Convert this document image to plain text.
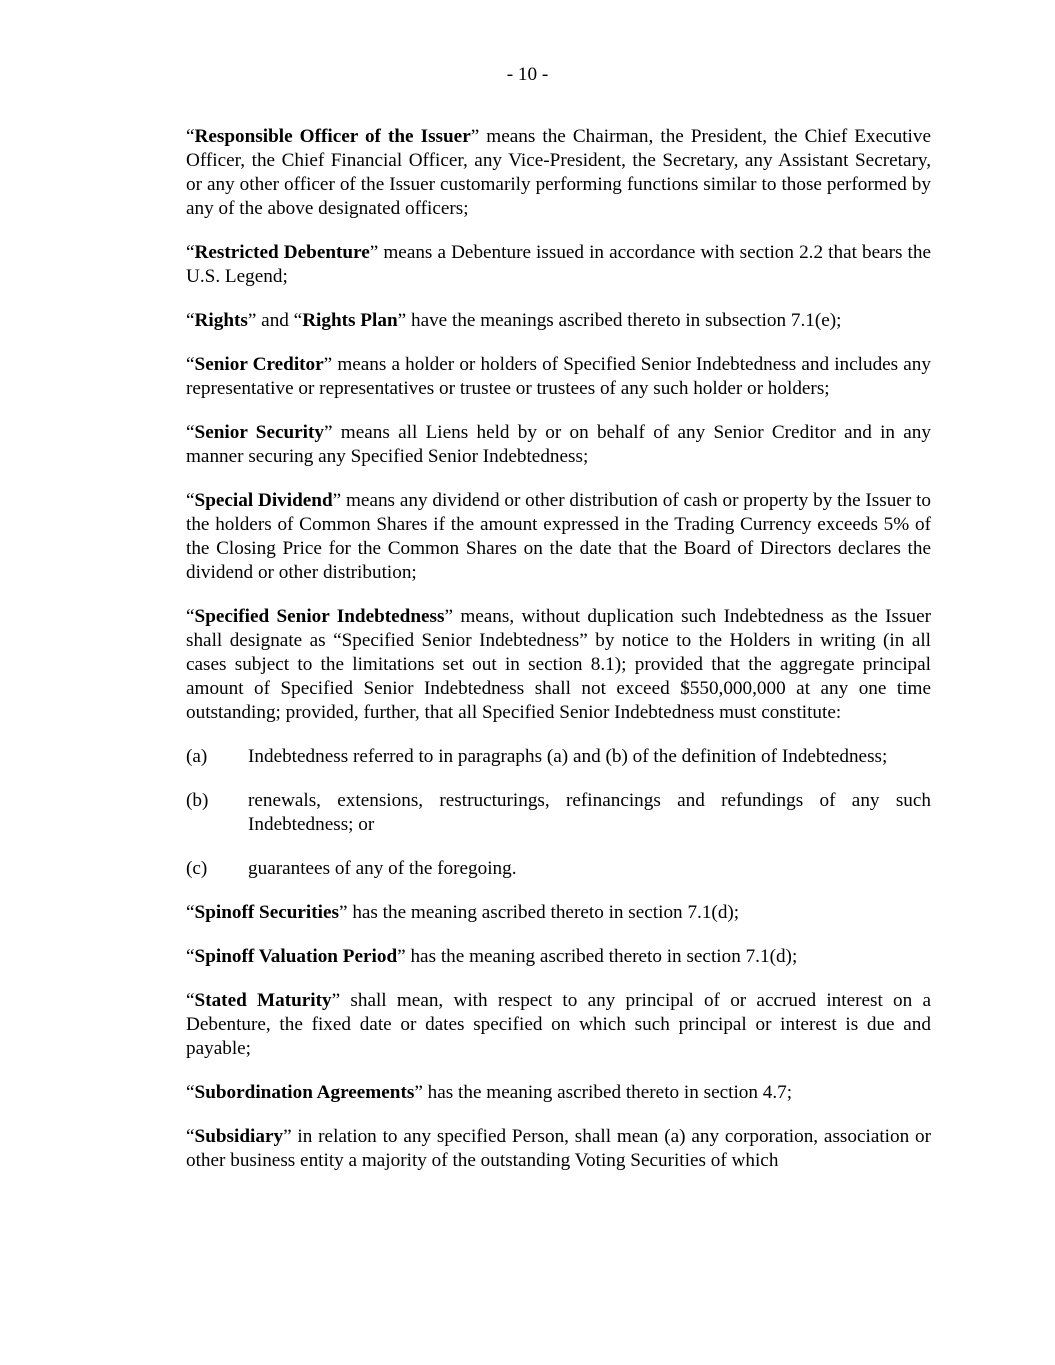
- 10 -

“Responsible Officer of the Issuer” means the Chairman, the President, the Chief Executive Officer, the Chief Financial Officer, any Vice-President, the Secretary, any Assistant Secretary, or any other officer of the Issuer customarily performing functions similar to those performed by any of the above designated officers;

“Restricted Debenture” means a Debenture issued in accordance with section 2.2 that bears the U.S. Legend;

“Rights” and “Rights Plan” have the meanings ascribed thereto in subsection 7.1(e);

“Senior Creditor” means a holder or holders of Specified Senior Indebtedness and includes any representative or representatives or trustee or trustees of any such holder or holders;

“Senior Security” means all Liens held by or on behalf of any Senior Creditor and in any manner securing any Specified Senior Indebtedness;

“Special Dividend” means any dividend or other distribution of cash or property by the Issuer to the holders of Common Shares if the amount expressed in the Trading Currency exceeds 5% of the Closing Price for the Common Shares on the date that the Board of Directors declares the dividend or other distribution;

“Specified Senior Indebtedness” means, without duplication such Indebtedness as the Issuer shall designate as “Specified Senior Indebtedness” by notice to the Holders in writing (in all cases subject to the limitations set out in section 8.1); provided that the aggregate principal amount of Specified Senior Indebtedness shall not exceed $550,000,000 at any one time outstanding; provided, further, that all Specified Senior Indebtedness must constitute:

(a) Indebtedness referred to in paragraphs (a) and (b) of the definition of Indebtedness;
(b) renewals, extensions, restructurings, refinancings and refundings of any such Indebtedness; or
(c) guarantees of any of the foregoing.

“Spinoff Securities” has the meaning ascribed thereto in section 7.1(d);

“Spinoff Valuation Period” has the meaning ascribed thereto in section 7.1(d);

“Stated Maturity” shall mean, with respect to any principal of or accrued interest on a Debenture, the fixed date or dates specified on which such principal or interest is due and payable;

“Subordination Agreements” has the meaning ascribed thereto in section 4.7;

“Subsidiary” in relation to any specified Person, shall mean (a) any corporation, association or other business entity a majority of the outstanding Voting Securities of which
